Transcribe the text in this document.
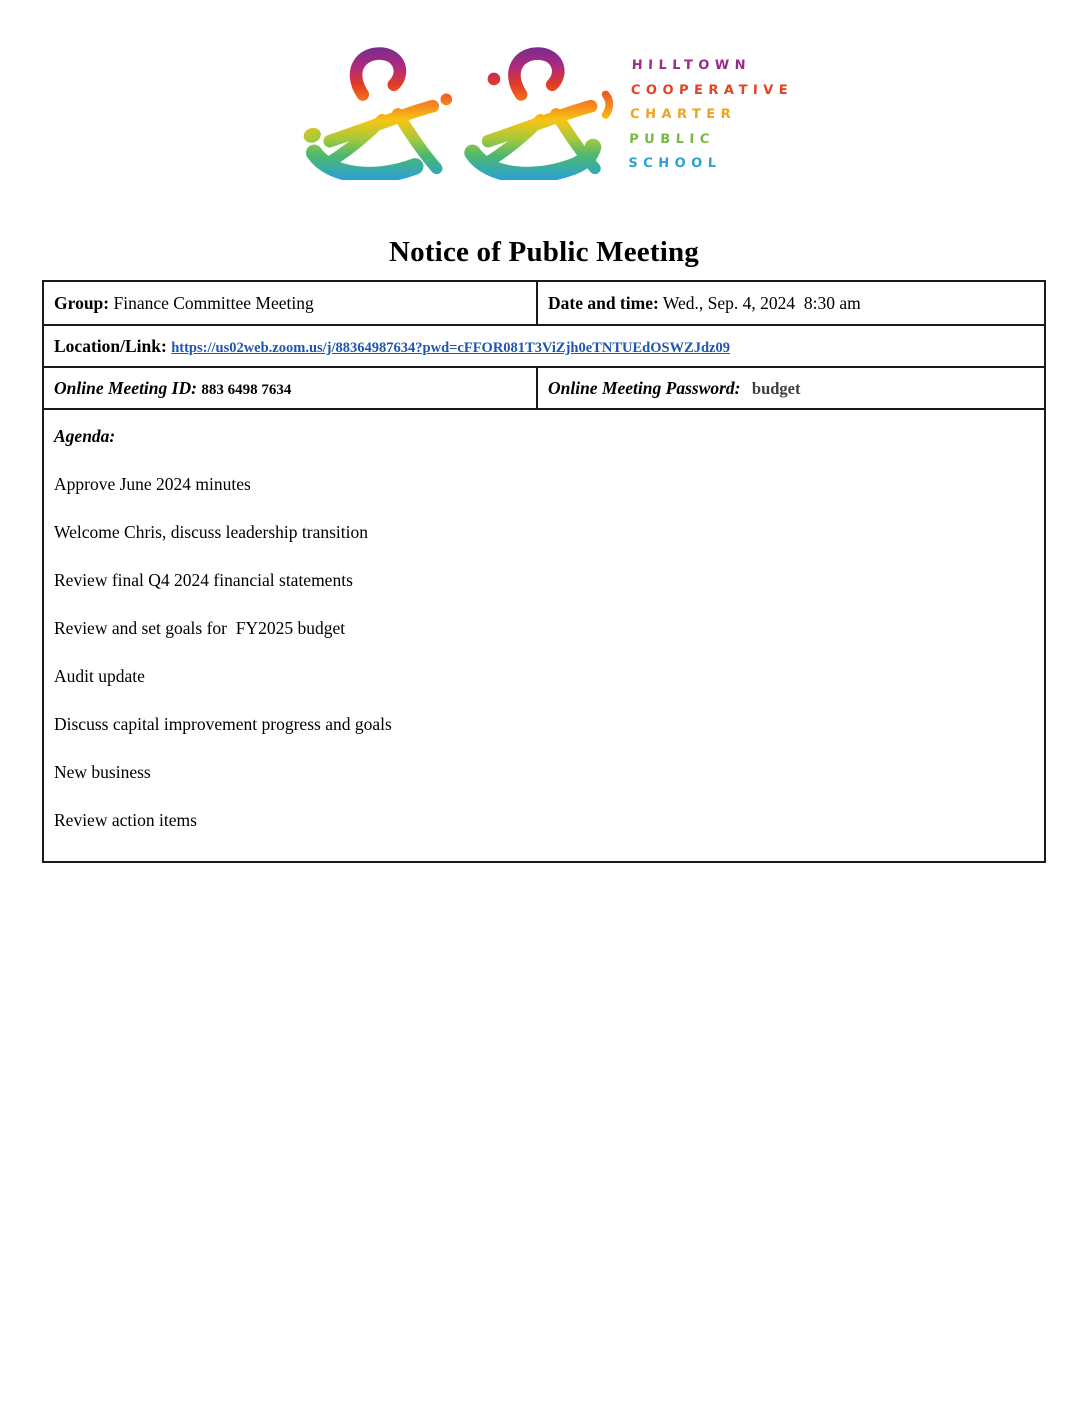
HILLTOWN
COOPERATIVE
CHARTER
PUBLIC
SCHOOL
Notice of Public Meeting
Group: Finance Committee Meeting	Date and time: Wed., Sep. 4, 2024  8:30 am
Location/Link: https://us02web.zoom.us/j/88364987634?pwd=cFFOR081T3ViZjh0eTNTUEdOSWZJdz09	
Online Meeting ID: 883 6498 7634	Online Meeting Password: budget

Agenda:
Approve June 2024 minutes
Welcome Chris, discuss leadership transition
Review final Q4 2024 financial statements
Review and set goals for  FY2025 budget
Audit update
Discuss capital improvement progress and goals
New business
Review action items
